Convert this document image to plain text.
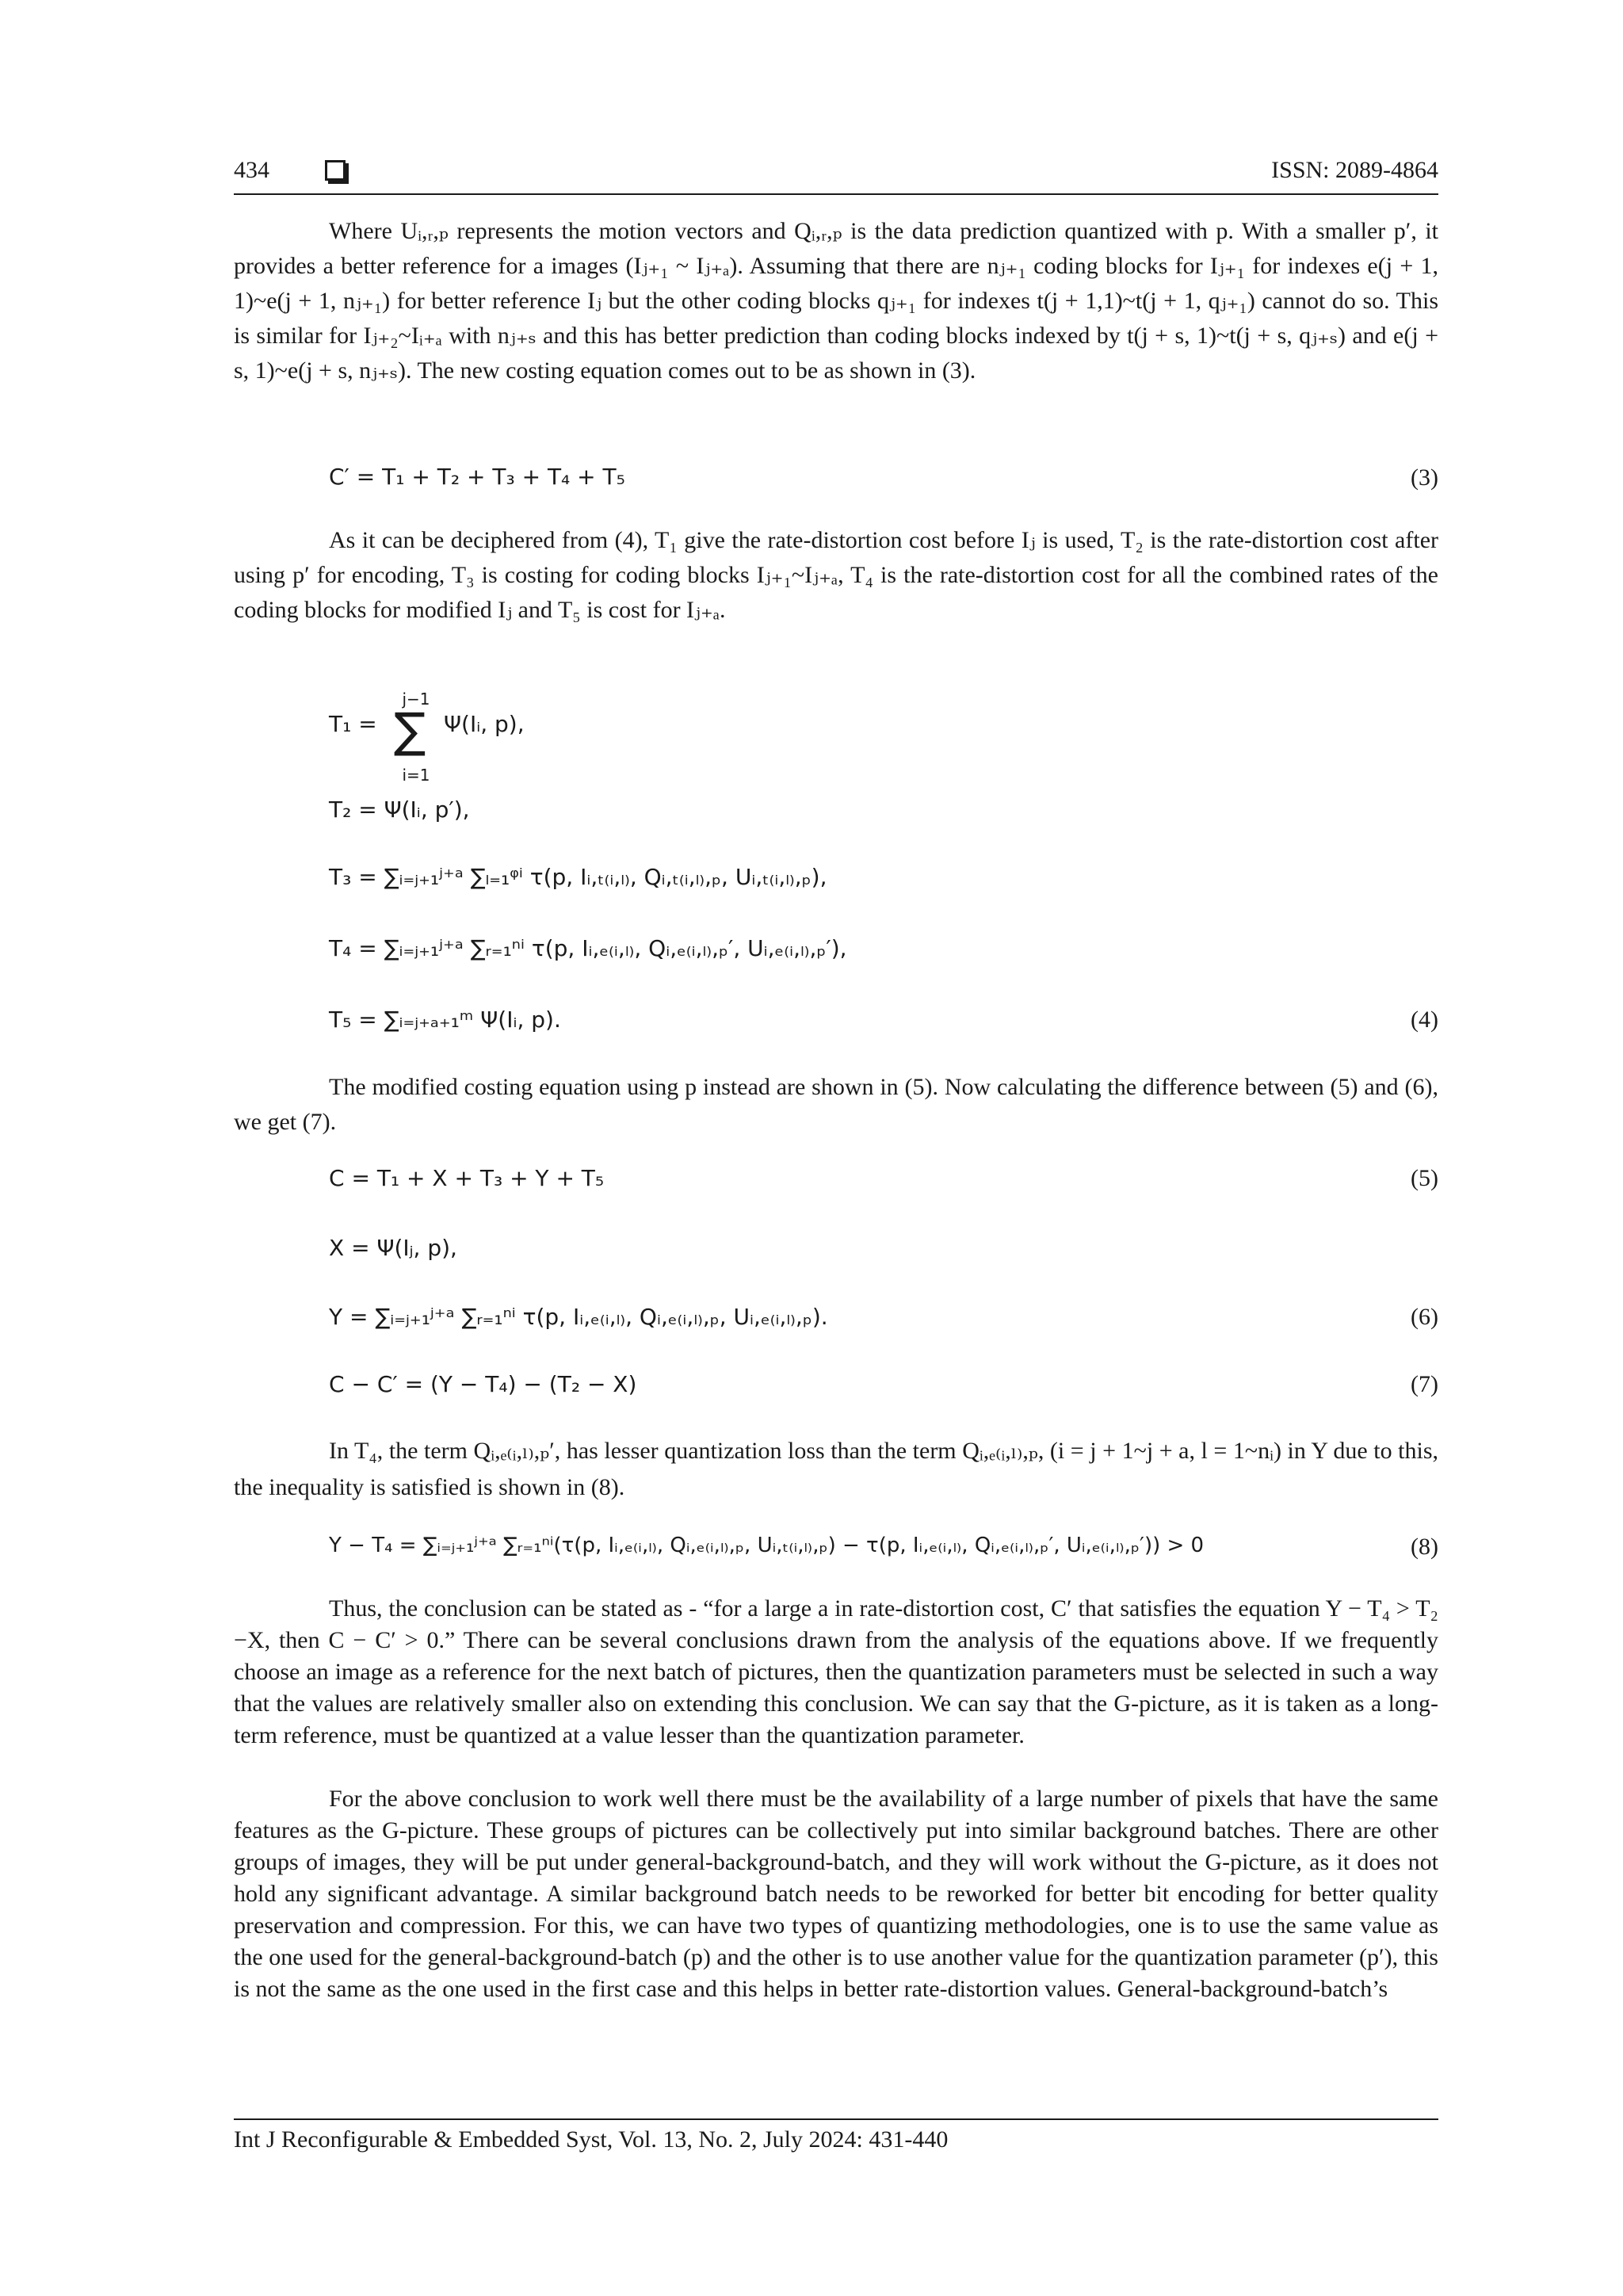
434	ISSN: 2089-4864

Where Uᵢ,ᵣ,ₚ represents the motion vectors and Qᵢ,ᵣ,ₚ is the data prediction quantized with p. With a smaller p′, it provides a better reference for a images (Iⱼ₊₁ ~ Iⱼ₊ₐ). Assuming that there are nⱼ₊₁ coding blocks for Iⱼ₊₁ for indexes e(j + 1, 1)~e(j + 1, nⱼ₊₁) for better reference Iⱼ but the other coding blocks qⱼ₊₁ for indexes t(j + 1,1)~t(j + 1, qⱼ₊₁) cannot do so. This is similar for Iⱼ₊₂~Iᵢ₊ₐ with nⱼ₊ₛ and this has better prediction than coding blocks indexed by t(j + s, 1)~t(j + s, qⱼ₊ₛ) and e(j + s, 1)~e(j + s, nⱼ₊ₛ). The new costing equation comes out to be as shown in (3).

C′ = T₁ + T₂ + T₃ + T₄ + T₅	(3)

As it can be deciphered from (4), T₁ give the rate-distortion cost before Iⱼ is used, T₂ is the rate-distortion cost after using p′ for encoding, T₃ is costing for coding blocks Iⱼ₊₁~Iⱼ₊ₐ, T₄ is the rate-distortion cost for all the combined rates of the coding blocks for modified Iⱼ and T₅ is cost for Iⱼ₊ₐ.

T₁ =
j−1
∑
i=1
Ψ(Iᵢ, p),
T₂ = Ψ(Iᵢ, p′),
T₃ = ∑ᵢ₌ⱼ₊₁ʲ⁺ᵃ ∑ₗ₌₁ᵠⁱ τ(p, Iᵢ,ₜ₍ᵢ,ₗ₎, Qᵢ,ₜ₍ᵢ,ₗ₎,ₚ, Uᵢ,ₜ₍ᵢ,ₗ₎,ₚ),
T₄ = ∑ᵢ₌ⱼ₊₁ʲ⁺ᵃ ∑ᵣ₌₁ⁿⁱ τ(p, Iᵢ,ₑ₍ᵢ,ₗ₎, Qᵢ,ₑ₍ᵢ,ₗ₎,ₚ′, Uᵢ,ₑ₍ᵢ,ₗ₎,ₚ′),
T₅ = ∑ᵢ₌ⱼ₊ₐ₊₁ᵐ Ψ(Iᵢ, p).	(4)

The modified costing equation using p instead are shown in (5). Now calculating the difference between (5) and (6), we get (7).

C = T₁ + X + T₃ + Y + T₅	(5)
X = Ψ(Iⱼ, p),
Y = ∑ᵢ₌ⱼ₊₁ʲ⁺ᵃ ∑ᵣ₌₁ⁿⁱ τ(p, Iᵢ,ₑ₍ᵢ,ₗ₎, Qᵢ,ₑ₍ᵢ,ₗ₎,ₚ, Uᵢ,ₑ₍ᵢ,ₗ₎,ₚ).	(6)
C − C′ = (Y − T₄) − (T₂ − X)	(7)

In T₄, the term Qᵢ,ₑ₍ᵢ,ₗ₎,ₚ′, has lesser quantization loss than the term Qᵢ,ₑ₍ᵢ,ₗ₎,ₚ, (i = j + 1~j + a, l = 1~nᵢ) in Y due to this, the inequality is satisfied is shown in (8).

Y − T₄ = ∑ᵢ₌ⱼ₊₁ʲ⁺ᵃ ∑ᵣ₌₁ⁿⁱ(τ(p, Iᵢ,ₑ₍ᵢ,ₗ₎, Qᵢ,ₑ₍ᵢ,ₗ₎,ₚ, Uᵢ,ₜ₍ᵢ,ₗ₎,ₚ) − τ(p, Iᵢ,ₑ₍ᵢ,ₗ₎, Qᵢ,ₑ₍ᵢ,ₗ₎,ₚ′, Uᵢ,ₑ₍ᵢ,ₗ₎,ₚ′)) > 0	(8)

Thus, the conclusion can be stated as - “for a large a in rate-distortion cost, C′ that satisfies the equation Y − T₄ > T₂ −X, then C − C′ > 0.” There can be several conclusions drawn from the analysis of the equations above. If we frequently choose an image as a reference for the next batch of pictures, then the quantization parameters must be selected in such a way that the values are relatively smaller also on extending this conclusion. We can say that the G-picture, as it is taken as a long-term reference, must be quantized at a value lesser than the quantization parameter.

For the above conclusion to work well there must be the availability of a large number of pixels that have the same features as the G-picture. These groups of pictures can be collectively put into similar background batches. There are other groups of images, they will be put under general-background-batch, and they will work without the G-picture, as it does not hold any significant advantage. A similar background batch needs to be reworked for better bit encoding for better quality preservation and compression. For this, we can have two types of quantizing methodologies, one is to use the same value as the one used for the general-background-batch (p) and the other is to use another value for the quantization parameter (p′), this is not the same as the one used in the first case and this helps in better rate-distortion values. General-background-batch’s

Int J Reconfigurable & Embedded Syst, Vol. 13, No. 2, July 2024: 431-440
